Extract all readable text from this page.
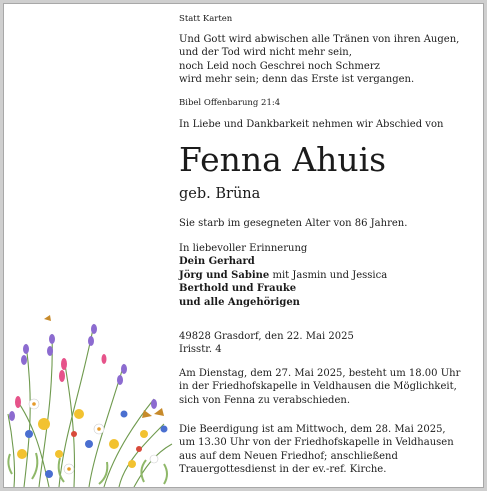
Statt Karten
Und Gott wird abwischen alle Tränen von ihren Augen,
und der Tod wird nicht mehr sein,
noch Leid noch Geschrei noch Schmerz
wird mehr sein; denn das Erste ist vergangen.
Bibel Offenbarung 21:4
In Liebe und Dankbarkeit nehmen wir Abschied von
Fenna Ahuis
geb. Brüna
Sie starb im gesegneten Alter von 86 Jahren.
In liebevoller Erinnerung
Dein Gerhard
Jörg und Sabine mit Jasmin und Jessica
Berthold und Frauke
und alle Angehörigen
49828 Grasdorf, den 22. Mai 2025
Irisstr. 4
Am Dienstag, dem 27. Mai 2025, besteht um 18.00 Uhr
in der Friedhofskapelle in Veldhausen die Möglichkeit,
sich von Fenna zu verabschieden.
Die Beerdigung ist am Mittwoch, dem 28. Mai 2025,
um 13.30 Uhr von der Friedhofskapelle in Veldhausen
aus auf dem Neuen Friedhof; anschließend
Trauergottesdienst in der ev.-ref. Kirche.
